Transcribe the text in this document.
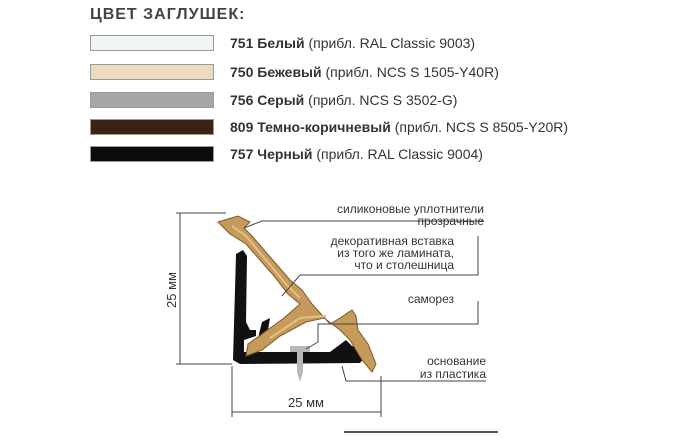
ЦВЕТ ЗАГЛУШЕК:
751 Белый (прибл. RAL Classic 9003)
750 Бежевый (прибл. NCS S 1505-Y40R)
756 Серый (прибл. NCS S 3502-G)
809 Темно-коричневый (прибл. NCS S 8505-Y20R)
757 Черный (прибл. RAL Classic 9004)
25 мм
25 мм
силиконовые уплотнители
прозрачные
декоративная вставка
из того же ламината,
что и столешница
саморез
основание
из пластика
